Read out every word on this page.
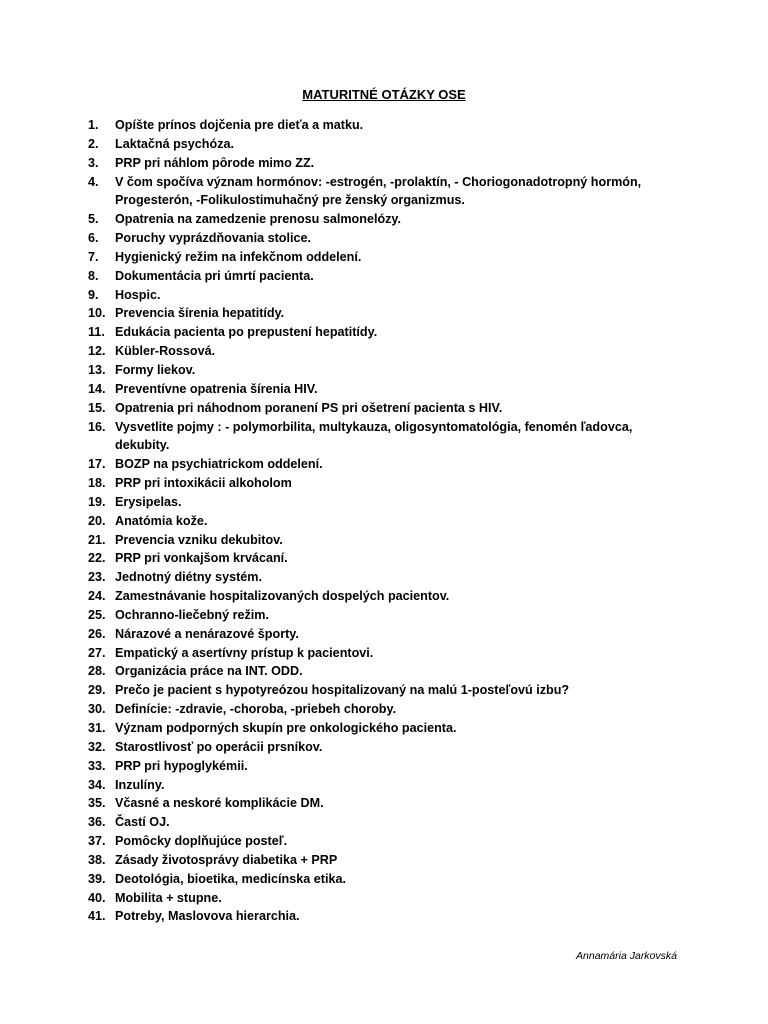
MATURITNÉ OTÁZKY OSE
1.	Opíšte prínos dojčenia pre dieťa a matku.
2.	Laktačná psychóza.
3.	PRP pri náhlom pôrode mimo ZZ.
4.	V čom spočíva význam hormónov: -estrogén, -prolaktín, - Choriogonadotropný hormón, Progesterón, -Folikulostimuhačný pre ženský organizmus.
5.	Opatrenia na zamedzenie prenosu salmonelózy.
6.	Poruchy vyprázdňovania stolice.
7.	Hygienický režim na infekčnom oddelení.
8.	Dokumentácia pri úmrtí pacienta.
9.	Hospic.
10. Prevencia šírenia hepatitídy.
11. Edukácia pacienta po prepustení hepatitídy.
12. Kübler-Rossová.
13. Formy liekov.
14. Preventívne opatrenia šírenia HIV.
15. Opatrenia pri náhodnom poranení PS pri ošetrení pacienta s HIV.
16. Vysvetlite pojmy : - polymorbilita, multykauza, oligosyntomatológia, fenomén ľadovca, dekubity.
17. BOZP na psychiatrickom oddelení.
18. PRP pri intoxikácii alkoholom
19. Erysipelas.
20. Anatómia kože.
21. Prevencia vzniku dekubitov.
22. PRP pri vonkajšom krvácaní.
23. Jednotný diétny systém.
24. Zamestnávanie hospitalizovaných dospelých pacientov.
25. Ochranno-liečebný režim.
26. Nárazové a nenárazové športy.
27. Empatický a asertívny prístup k pacientovi.
28. Organizácia práce na INT. ODD.
29. Prečo je pacient s hypotyreózou hospitalizovaný na malú 1-posteľovú izbu?
30. Definície: -zdravie, -choroba, -priebeh choroby.
31. Význam podporných skupín pre onkologického pacienta.
32. Starostlivosť po operácii prsníkov.
33. PRP pri hypoglykémii.
34. Inzulíny.
35. Včasné a neskoré komplikácie DM.
36. Častí OJ.
37. Pomôcky doplňujúce posteľ.
38. Zásady životosprávy diabetika + PRP
39. Deotológia, bioetika, medicínska etika.
40. Mobilita + stupne.
41. Potreby, Maslovova hierarchia.
Annamária Jarkovská
